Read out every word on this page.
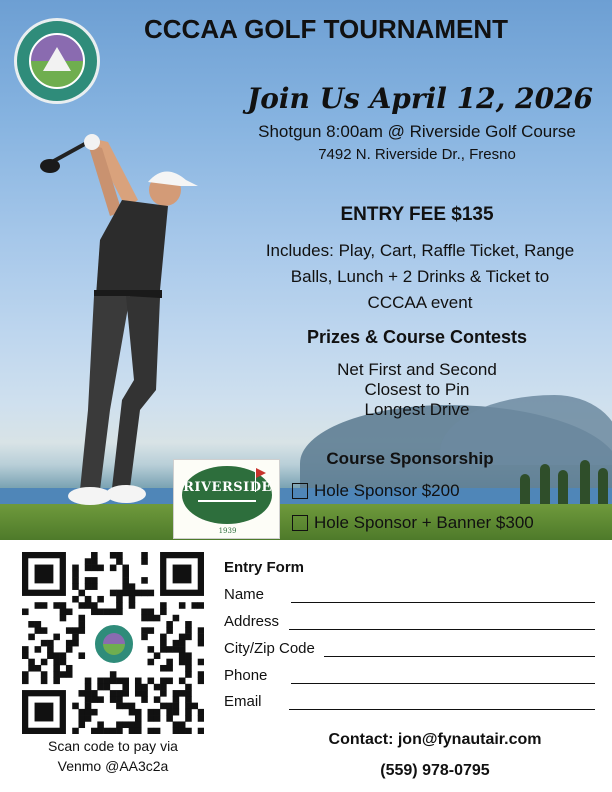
CCCAA GOLF TOURNAMENT
Join Us April 12, 2026
Shotgun 8:00am @ Riverside Golf Course
7492 N. Riverside Dr., Fresno
ENTRY FEE $135
Includes: Play, Cart, Raffle Ticket, Range
Balls, Lunch + 2 Drinks & Ticket to
CCCAA event
Prizes & Course Contests
Net First and Second
Closest to Pin
Longest Drive
Course Sponsorship
Hole Sponsor $200
Hole Sponsor + Banner $300
RIVERSIDE
1939
Scan code to pay via
Venmo @AA3c2a
Entry Form
Name
Address
City/Zip Code
Phone
Email
Contact: jon@fynautair.com
(559) 978-0795
